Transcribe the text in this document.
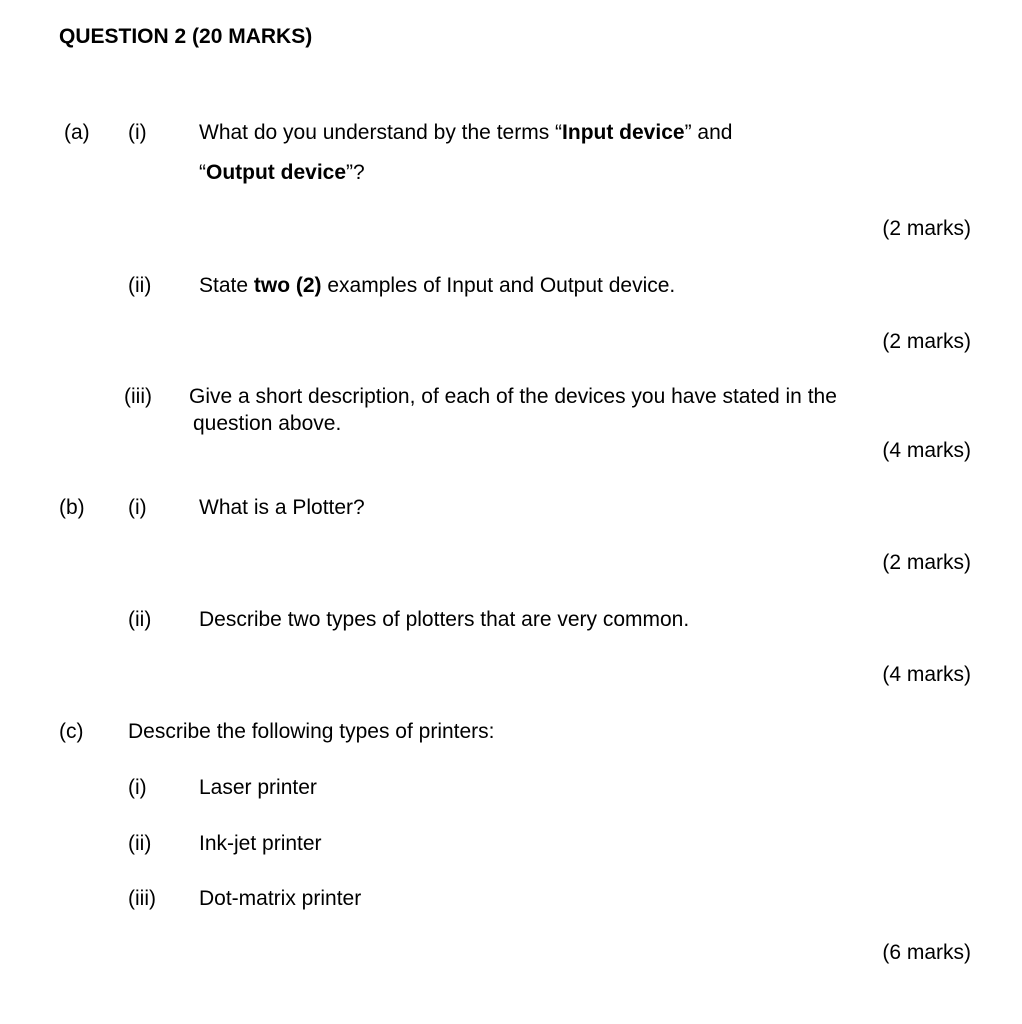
QUESTION 2 (20 MARKS)
(a) (i) What do you understand by the terms “Input device” and
“Output device”?
(2 marks)
(ii) State two (2) examples of Input and Output device.
(2 marks)
(iii) Give a short description, of each of the devices you have stated in the
question above.
(4 marks)
(b) (i) What is a Plotter?
(2 marks)
(ii) Describe two types of plotters that are very common.
(4 marks)
(c) Describe the following types of printers:
(i) Laser printer
(ii) Ink-jet printer
(iii) Dot-matrix printer
(6 marks)
